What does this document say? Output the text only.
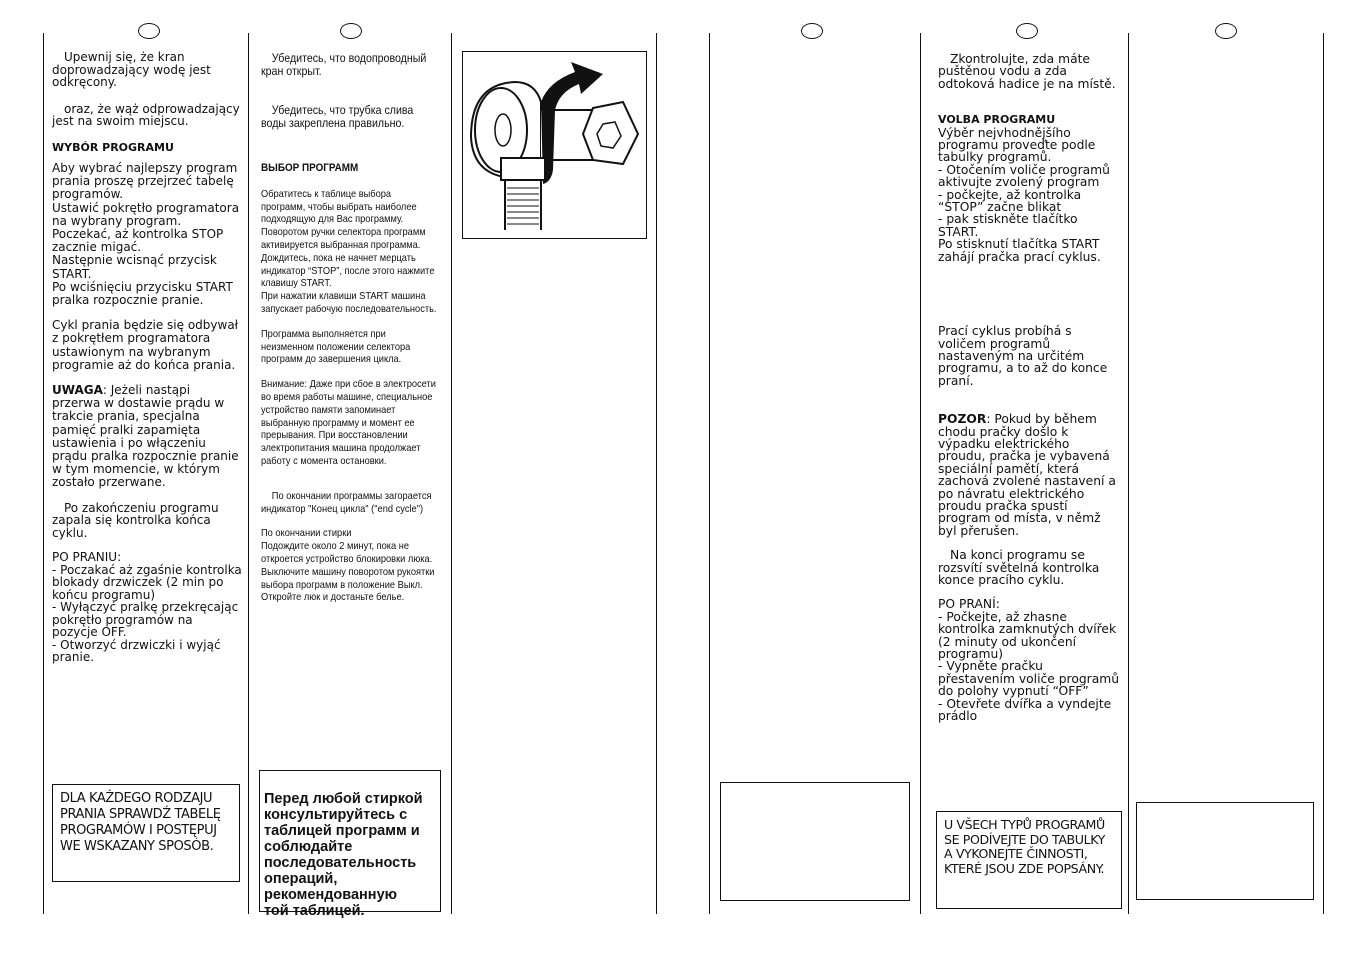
Upewnij się, że kran doprowadzający wodę jest odkręcony.

oraz, że wąż odprowadzający jest na swoim miejscu.

WYBÓR PROGRAMU

Aby wybrać najlepszy program prania proszę przejrzeć tabelę programów.
Ustawić pokrętło programatora na wybrany program.
Poczekać, aż kontrolka STOP zacznie migać.
Następnie wcisnąć przycisk START.
Po wciśnięciu przycisku START pralka rozpocznie pranie.

Cykl prania będzie się odbywał z pokrętłem programatora ustawionym na wybranym programie aż do końca prania.

UWAGA: Jeżeli nastąpi przerwa w dostawie prądu w trakcie prania, specjalna pamięć pralki zapamięta ustawienia i po włączeniu prądu pralka rozpocznie pranie w tym momencie, w którym zostało przerwane.

Po zakończeniu programu zapala się kontrolka końca cyklu.

PO PRANIU:
- Poczakać aż zgaśnie kontrolka blokady drzwiczek (2 min po końcu programu)
- Wyłączyć pralkę przekręcając pokrętło programów na pozycje OFF.
- Otworzyć drzwiczki i wyjąć pranie.

DLA KAŻDEGO RODZAJU PRANIA SPRAWDŹ TABELĘ PROGRAMÓW I POSTĘPUJ WE WSKAZANY SPOSÓB.

Убедитесь, что водопроводный кран открыт.

Убедитесь, что трубка слива воды закреплена правильно.

ВЫБОР ПРОГРАММ

Обратитесь к таблице выбора программ, чтобы выбрать наиболее подходящую для Вас программу.
Поворотом ручки селектора программ активируется выбранная программа.
Дождитесь, пока не начнет мерцать индикатор “STOP”, после этого нажмите клавишу START.
При нажатии клавиши START машина запускает рабочую последовательность.

Программа выполняется при неизменном положении селектора программ до завершения цикла.

Внимание: Даже при сбое в электросети во время работы машине, специальное устройство памяти запоминает выбранную программу и момент ее прерывания. При восстановлении электропитания машина продолжает работу с момента остановки.

По окончании программы загорается индикатор "Конец цикла" ("end cycle")

По окончании стирки
Подождите около 2 минут, пока не откроется устройство блокировки люка.
Выключите машину поворотом рукоятки выбора программ в положение Выкл.
Откройте люк и достаньте белье.

Перед любой стиркой консультируйтесь с таблицей программ и соблюдайте последовательность операций, рекомендованную
той таблицей.

Zkontrolujte, zda máte puštěnou vodu a zda odtoková hadice je na místě.

VOLBA PROGRAMU

Výběr nejvhodnějšího programu proveďte podle tabulky programů.
- Otočením voliče programů aktivujte zvolený program
- počkejte, až kontrolka “STOP” začne blikat
- pak stiskněte tlačítko START.
Po stisknutí tlačítka START zahájí pračka prací cyklus.

Prací cyklus probíhá s voličem programů nastaveným na určitém programu, a to až do konce praní.

POZOR: Pokud by během chodu pračky došlo k výpadku elektrického proudu, pračka je vybavená speciální pamětí, která zachová zvolené nastavení a po návratu elektrického proudu pračka spustí program od místa, v němž byl přerušen.

Na konci programu se rozsvítí světelná kontrolka konce pracího cyklu.

PO PRANÍ:
- Počkejte, až zhasne kontrolka zamknutých dvířek (2 minuty od ukončení programu)
- Vypněte pračku přestavením voliče programů do polohy vypnutí “OFF”
- Otevřete dvířka a vyndejte prádlo

U VŠECH TYPŮ PROGRAMŮ SE PODÍVEJTE DO TABULKY A VYKONEJTE ČINNOSTI, KTERÉ JSOU ZDE POPSÁNY.
